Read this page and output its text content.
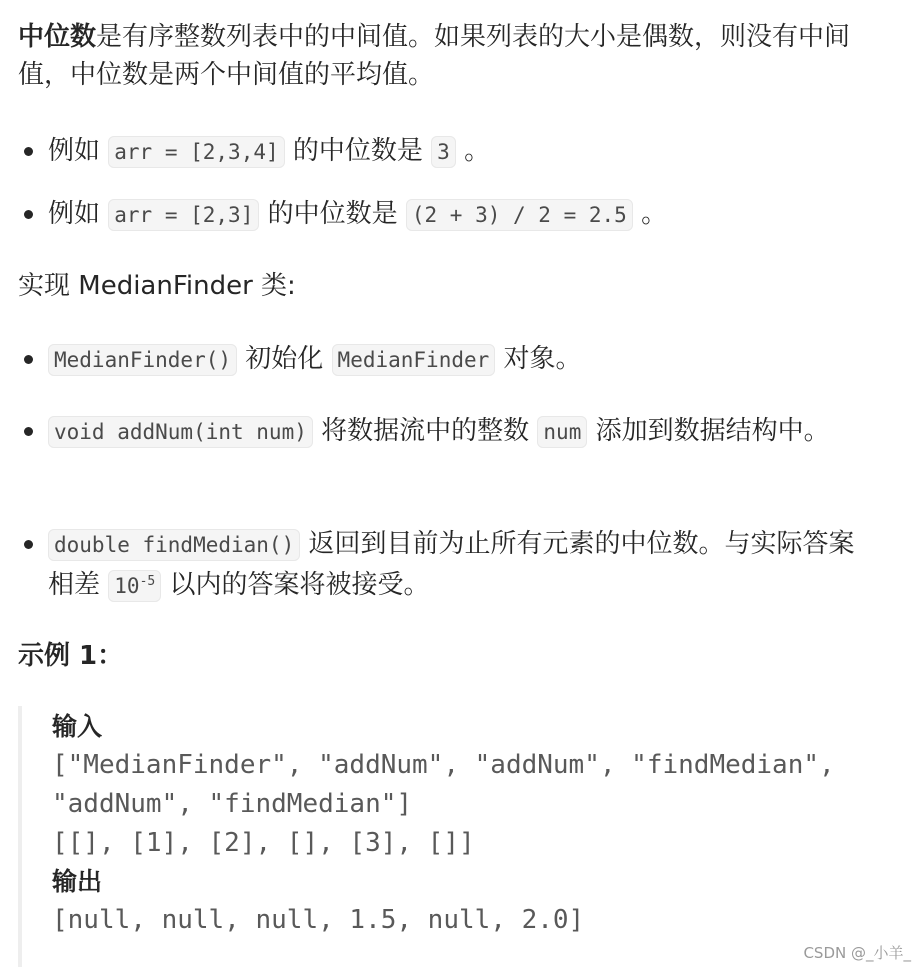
中位数是有序整数列表中的中间值。如果列表的大小是偶数，则没有中间值，中位数是两个中间值的平均值。

例如 arr = [2,3,4] 的中位数是 3 。
例如 arr = [2,3] 的中位数是 (2 + 3) / 2 = 2.5 。

实现 MedianFinder 类:

MedianFinder() 初始化 MedianFinder 对象。
void addNum(int num) 将数据流中的整数 num 添加到数据结构中。
double findMedian() 返回到目前为止所有元素的中位数。与实际答案相差 $10^{-5}$ 以内的答案将被接受。
示例 1：
输入
["MedianFinder", "addNum", "addNum", "findMedian",
"addNum", "findMedian"]
[[], [1], [2], [], [3], []]
输出
[null, null, null, 1.5, null, 2.0]
CSDN @_小羊_
